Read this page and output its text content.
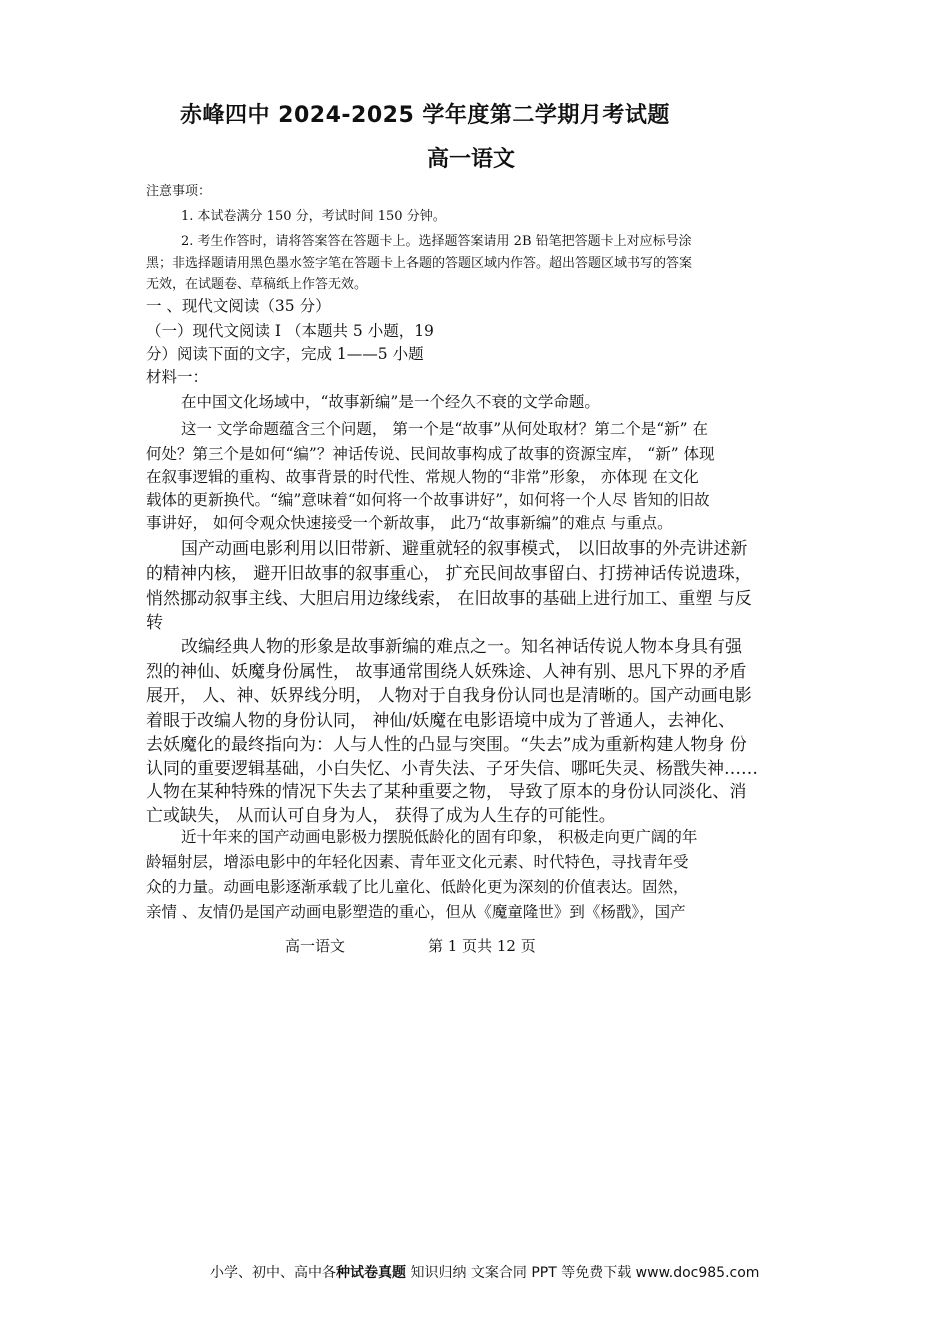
赤峰四中 2024-2025 学年度第二学期月考试题
高一语文
注意事项：
1. 本试卷满分 150 分，考试时间 150 分钟。
2. 考生作答时，请将答案答在答题卡上。选择题答案请用 2B 铅笔把答题卡上对应标号涂
黑；非选择题请用黑色墨水签字笔在答题卡上各题的答题区域内作答。超出答题区域书写的答案
无效，在试题卷、草稿纸上作答无效。
一 、现代文阅读（35 分）
（一）现代文阅读 I （本题共 5 小题，19
分）阅读下面的文字，完成 1——5 小题
材料一：
在中国文化场域中，“故事新编”是一个经久不衰的文学命题。
这一 文学命题蕴含三个问题， 第一个是“故事”从何处取材？第二个是“新” 在
何处？第三个是如何“编”？神话传说、民间故事构成了故事的资源宝库， “新” 体现
在叙事逻辑的重构、故事背景的时代性、常规人物的“非常”形象， 亦体现 在文化
载体的更新换代。“编”意味着“如何将一个故事讲好”，如何将一个人尽 皆知的旧故
事讲好， 如何令观众快速接受一个新故事， 此乃“故事新编”的难点 与重点。
国产动画电影利用以旧带新、避重就轻的叙事模式， 以旧故事的外壳讲述新
的精神内核， 避开旧故事的叙事重心， 扩充民间故事留白、打捞神话传说遗珠，
悄然挪动叙事主线、大胆启用边缘线索， 在旧故事的基础上进行加工、重塑 与反
转
改编经典人物的形象是故事新编的难点之一。知名神话传说人物本身具有强
烈的神仙、妖魔身份属性， 故事通常围绕人妖殊途、人神有别、思凡下界的矛盾
展开， 人、神、妖界线分明， 人物对于自我身份认同也是清晰的。国产动画电影
着眼于改编人物的身份认同， 神仙/妖魔在电影语境中成为了普通人，去神化、
去妖魔化的最终指向为：人与人性的凸显与突围。“失去”成为重新构建人物身 份
认同的重要逻辑基础，小白失忆、小青失法、子牙失信、哪吒失灵、杨戬失神……
人物在某种特殊的情况下失去了某种重要之物， 导致了原本的身份认同淡化、消
亡或缺失， 从而认可自身为人， 获得了成为人生存的可能性。
近十年来的国产动画电影极力摆脱低龄化的固有印象， 积极走向更广阔的年
龄辐射层，增添电影中的年轻化因素、青年亚文化元素、时代特色，寻找青年受
众的力量。动画电影逐渐承载了比儿童化、低龄化更为深刻的价值表达。固然，
亲情 、友情仍是国产动画电影塑造的重心，但从《魔童隆世》到《杨戬》，国产
高一语文	第 1 页共 12 页
小学、初中、高中各种试卷真题 知识归纳 文案合同 PPT 等免费下载 www.doc985.com
